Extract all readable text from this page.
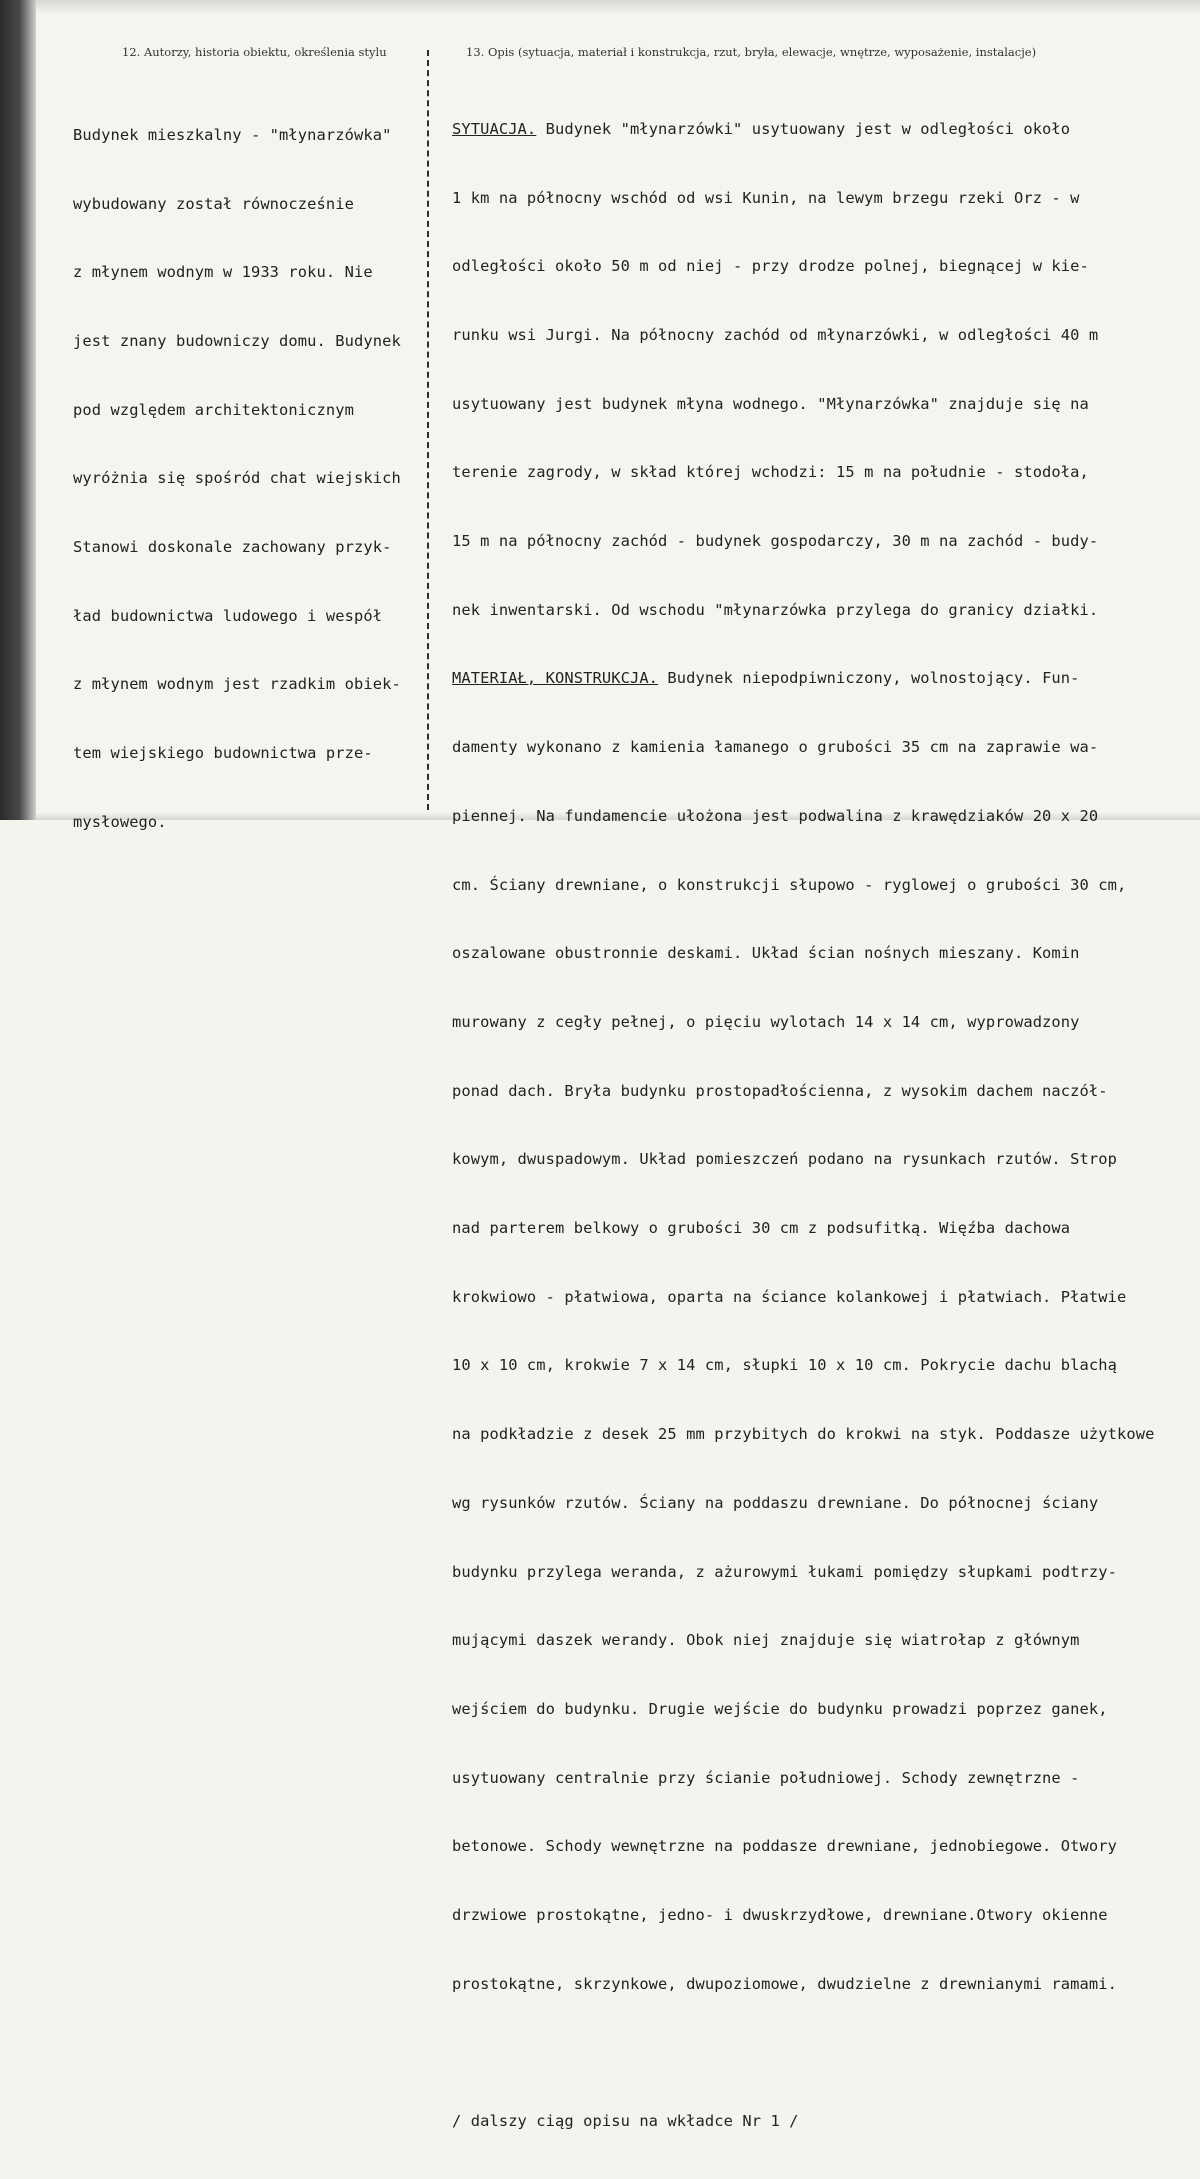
12. Autorzy, historia obiektu, określenia stylu	13. Opis (sytuacja, materiał i konstrukcja, rzut, bryła, elewacje, wnętrze, wyposażenie, instalacje)

Budynek mieszkalny - "młynarzówka"

wybudowany został równocześnie

z młynem wodnym w 1933 roku. Nie

jest znany budowniczy domu. Budynek

pod względem architektonicznym

wyróżnia się spośród chat wiejskich

Stanowi doskonale zachowany przyk-

ład budownictwa ludowego i wespół

z młynem wodnym jest rzadkim obiek-

tem wiejskiego budownictwa prze-

mysłowego.

SYTUACJA. Budynek "młynarzówki" usytuowany jest w odległości około

1 km na północny wschód od wsi Kunin, na lewym brzegu rzeki Orz - w

odległości około 50 m od niej - przy drodze polnej, biegnącej w kie-

runku wsi Jurgi. Na północny zachód od młynarzówki, w odległości 40 m

usytuowany jest budynek młyna wodnego. "Młynarzówka" znajduje się na

terenie zagrody, w skład której wchodzi: 15 m na południe - stodoła,

15 m na północny zachód - budynek gospodarczy, 30 m na zachód - budy-

nek inwentarski. Od wschodu "młynarzówka przylega do granicy działki.

MATERIAŁ, KONSTRUKCJA. Budynek niepodpiwniczony, wolnostojący. Fun-

damenty wykonano z kamienia łamanego o grubości 35 cm na zaprawie wa-

piennej. Na fundamencie ułożona jest podwalina z krawędziaków 20 x 20

cm. Ściany drewniane, o konstrukcji słupowo - ryglowej o grubości 30 cm,

oszalowane obustronnie deskami. Układ ścian nośnych mieszany. Komin

murowany z cegły pełnej, o pięciu wylotach 14 x 14 cm, wyprowadzony

ponad dach. Bryła budynku prostopadłościenna, z wysokim dachem naczół-

kowym, dwuspadowym. Układ pomieszczeń podano na rysunkach rzutów. Strop

nad parterem belkowy o grubości 30 cm z podsufitką. Więźba dachowa

krokwiowo - płatwiowa, oparta na ściance kolankowej i płatwiach. Płatwie

10 x 10 cm, krokwie 7 x 14 cm, słupki 10 x 10 cm. Pokrycie dachu blachą

na podkładzie z desek 25 mm przybitych do krokwi na styk. Poddasze użytkowe

wg rysunków rzutów. Ściany na poddaszu drewniane. Do północnej ściany

budynku przylega weranda, z ażurowymi łukami pomiędzy słupkami podtrzy-

mującymi daszek werandy. Obok niej znajduje się wiatrołap z głównym

wejściem do budynku. Drugie wejście do budynku prowadzi poprzez ganek,

usytuowany centralnie przy ścianie południowej. Schody zewnętrzne -

betonowe. Schody wewnętrzne na poddasze drewniane, jednobiegowe. Otwory

drzwiowe prostokątne, jedno- i dwuskrzydłowe, drewniane.Otwory okienne

prostokątne, skrzynkowe, dwupoziomowe, dwudzielne z drewnianymi ramami.

/ dalszy ciąg opisu na wkładce Nr 1 /
